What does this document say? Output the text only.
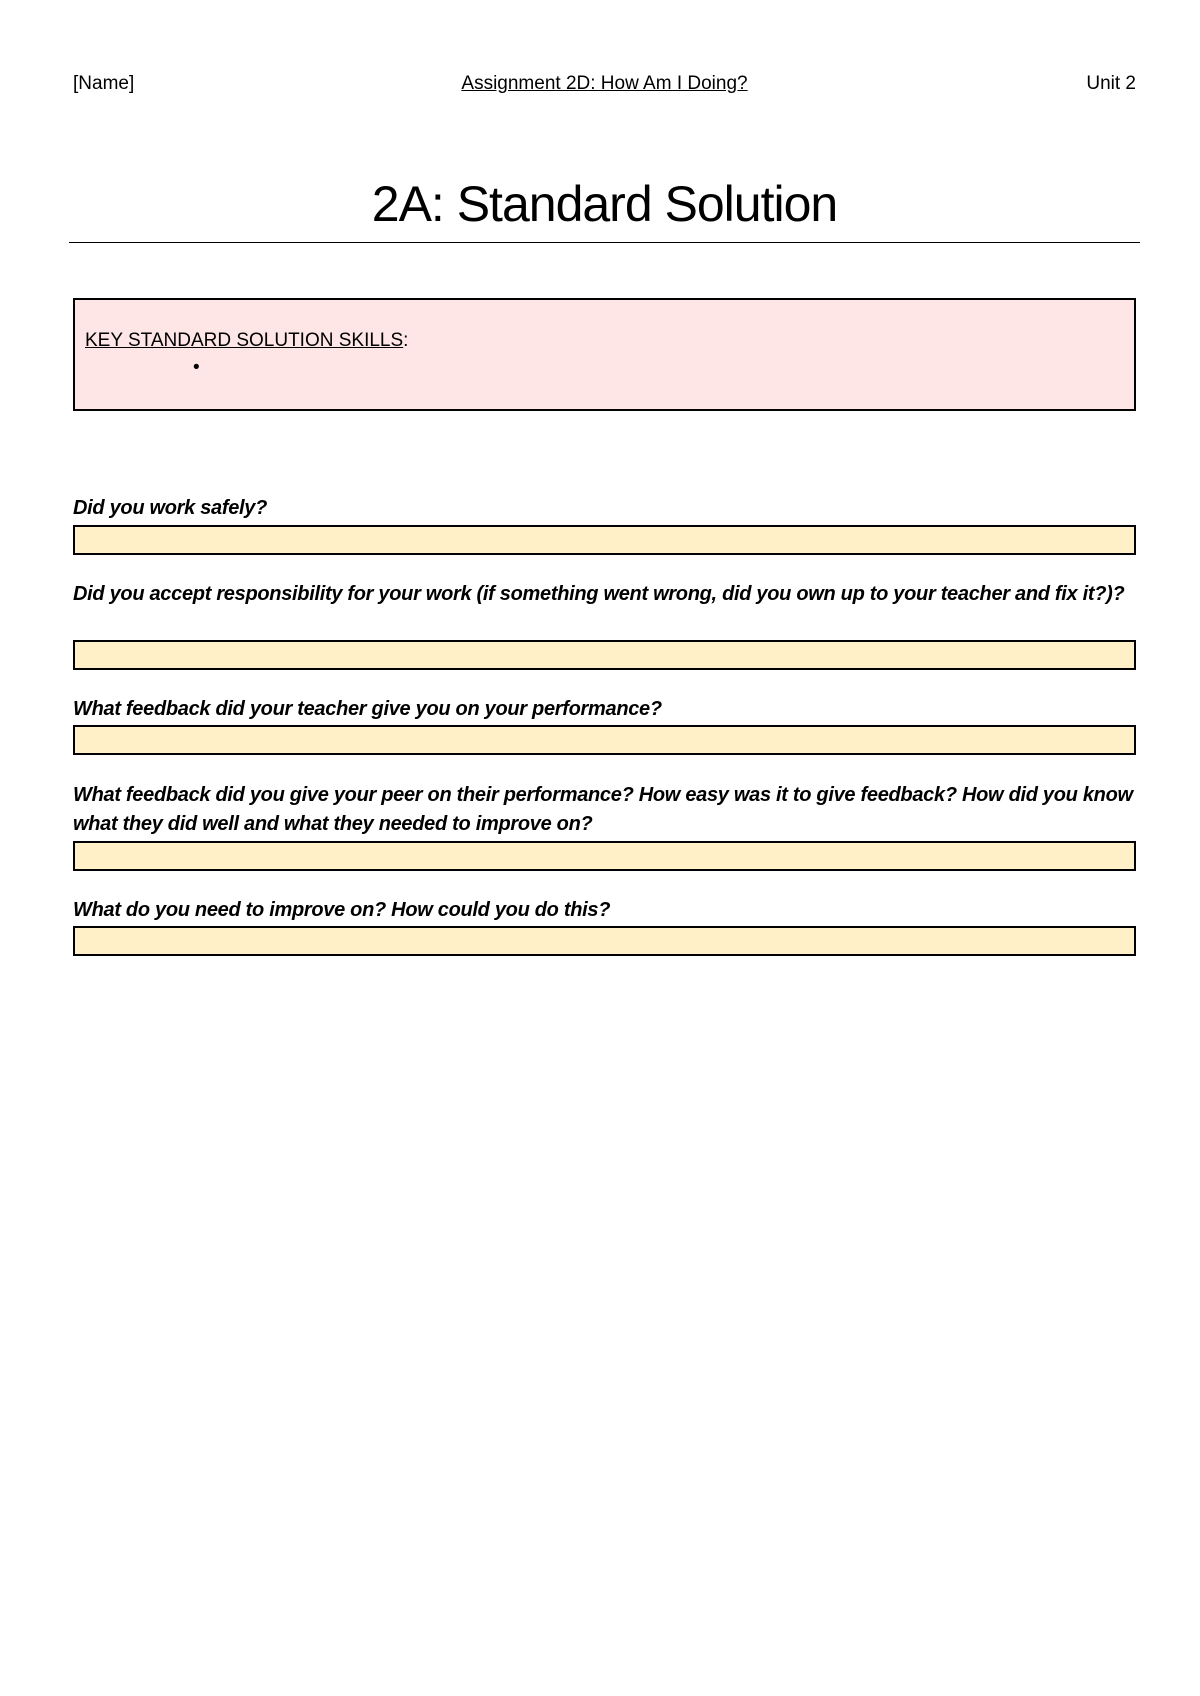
Assignment 2D: How Am I Doing?
[Name]	Unit 2
2A: Standard Solution
KEY STANDARD SOLUTION SKILLS:
•
Did you work safely?
Did you accept responsibility for your work (if something went wrong, did you own up to your teacher and fix it?)?
What feedback did your teacher give you on your performance?
What feedback did you give your peer on their performance? How easy was it to give feedback? How did you know what they did well and what they needed to improve on?
What do you need to improve on? How could you do this?
